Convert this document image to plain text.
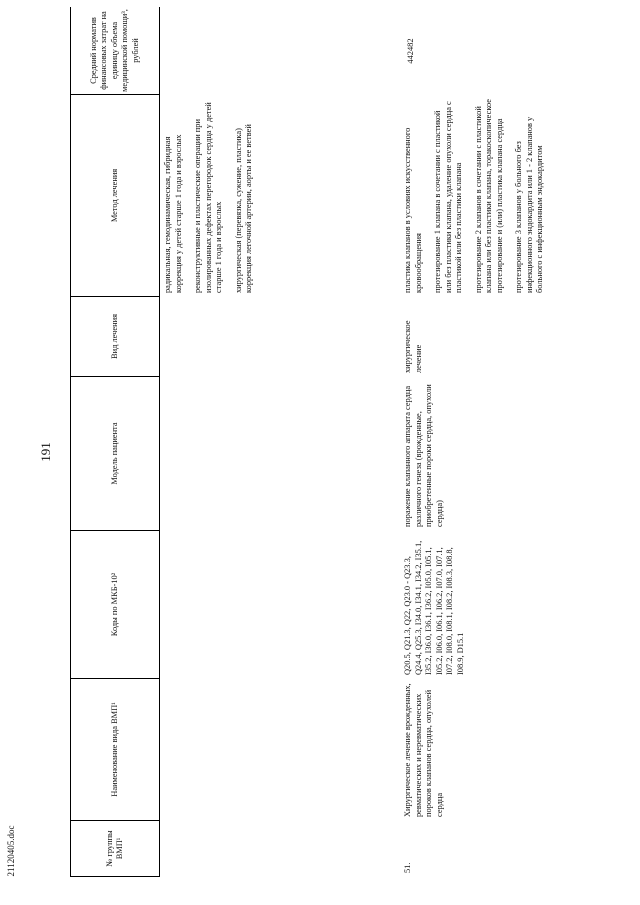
191
№ группы ВМП¹
Наименование вида ВМП¹
Коды по МКБ-10²
Модель пациента
Вид лечения
Метод лечения
Средний норматив финансовых затрат на единицу объема медицинской помощи³, рублей

радикальная, гемодинамическая, гибридная коррекция у детей старше 1 года и взрослых реконструктивные и пластические операции при изолированных дефектах перегородок сердца у детей старше 1 года и взрослых хирургическая (перевязка, сужение, пластика) коррекция легочной артерии, аорты и ее ветвей

51.
Хирургическое лечение врожденных, ревматических и неревматических пороков клапанов сердца, опухолей сердца
Q20.5, Q21.3, Q22, Q23.0 - Q23.3, Q24.4, Q25.3, I34.0, I34.1, I34.2, I35.1, I35.2, I36.0, I36.1, I36.2, I05.0, I05.1, I05.2, I06.0, I06.1, I06.2, I07.0, I07.1, I07.2, I08.0, I08.1, I08.2, I08.3, I08.8, I08.9, D15.1
поражение клапанного аппарата сердца различного генеза (врожденные, приобретенные пороки сердца, опухоли сердца)
хирургическое лечение

пластика клапанов в условиях искусственного кровообращения протезирование 1 клапана в сочетании с пластикой или без пластики клапана, удаление опухоли сердца с пластикой или без пластики клапана протезирование 2 клапанов в сочетании с пластикой клапана или без пластики клапана, торакоскопическое протезирование и (или) пластика клапана сердца протезирование 3 клапанов у больного без инфекционного эндокардита или 1 - 2 клапанов у больного с инфекционным эндокардитом

442482
21120405.doc
